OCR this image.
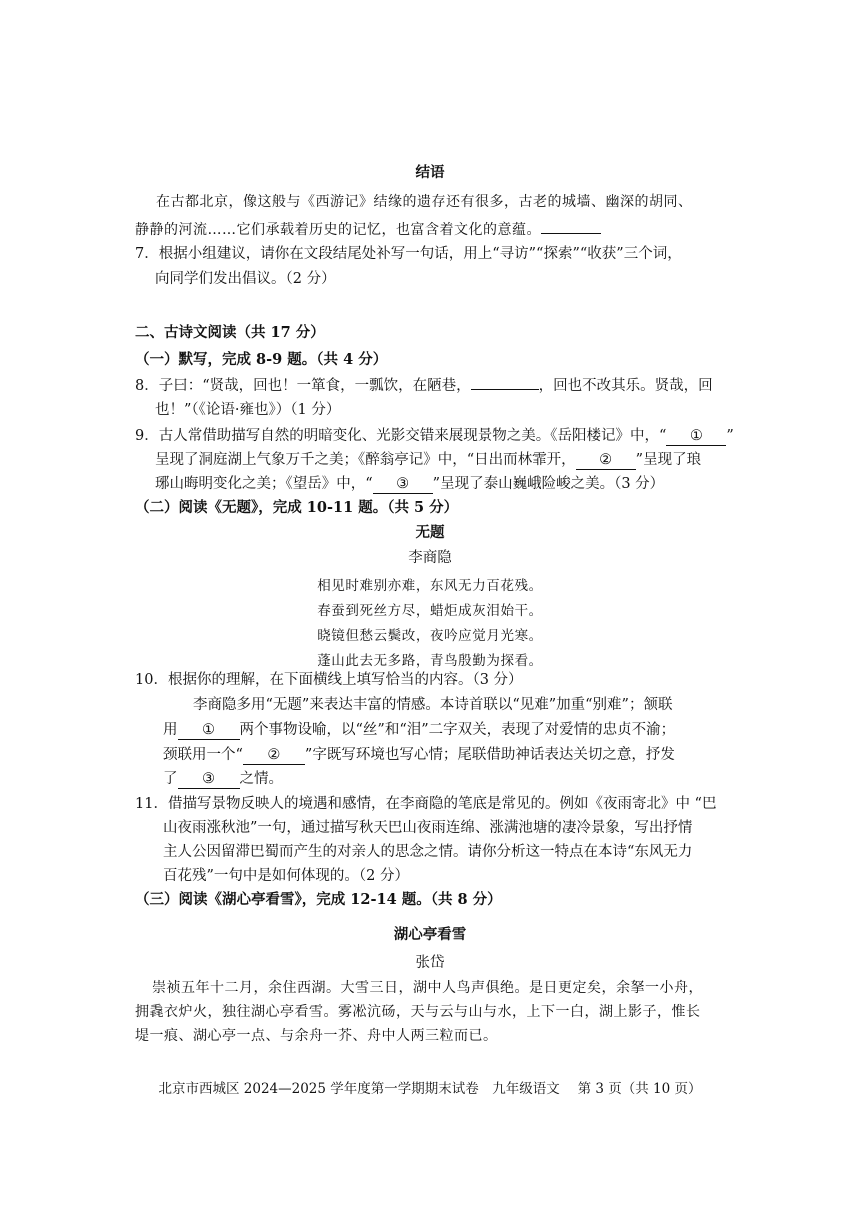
结语
在古都北京，像这般与《西游记》结缘的遗存还有很多，古老的城墙、幽深的胡同、
静静的河流……它们承载着历史的记忆，也富含着文化的意蕴。
7．根据小组建议，请你在文段结尾处补写一句话，用上“寻访”“探索”“收获”三个词，
向同学们发出倡议。（2 分）
二、古诗文阅读（共 17 分）
（一）默写，完成 8-9 题。（共 4 分）
8．子曰：“贤哉，回也！一箪食，一瓢饮，在陋巷，	，回也不改其乐。贤哉，回
也！”（《论语·雍也》）（1 分）
9．古人常借助描写自然的明暗变化、光影交错来展现景物之美。《岳阳楼记》中，“ ① ”
呈现了洞庭湖上气象万千之美；《醉翁亭记》中，“日出而林霏开， ② ”呈现了琅
琊山晦明变化之美；《望岳》中，“ ③ ”呈现了泰山巍峨险峻之美。（3 分）
（二）阅读《无题》，完成 10-11 题。（共 5 分）
无题
李商隐
相见时难别亦难，东风无力百花残。
春蚕到死丝方尽，蜡炬成灰泪始干。
晓镜但愁云鬓改，夜吟应觉月光寒。
蓬山此去无多路，青鸟殷勤为探看。
10．根据你的理解，在下面横线上填写恰当的内容。（3 分）
李商隐多用“无题”来表达丰富的情感。本诗首联以“见难”加重“别难”；颔联
用 ① 两个事物设喻，以“丝”和“泪”二字双关，表现了对爱情的忠贞不渝；
颈联用一个“ ② ”字既写环境也写心情；尾联借助神话表达关切之意，抒发
了 ③ 之情。
11．借描写景物反映人的境遇和感情，在李商隐的笔底是常见的。例如《夜雨寄北》中 “巴
山夜雨涨秋池”一句，通过描写秋天巴山夜雨连绵、涨满池塘的凄冷景象，写出抒情
主人公因留滞巴蜀而产生的对亲人的思念之情。请你分析这一特点在本诗“东风无力
百花残”一句中是如何体现的。（2 分）
（三）阅读《湖心亭看雪》，完成 12-14 题。（共 8 分）
湖心亭看雪
张岱
崇祯五年十二月，余住西湖。大雪三日，湖中人鸟声俱绝。是日更定矣，余拏一小舟，
拥毳衣炉火，独往湖心亭看雪。雾凇沆砀，天与云与山与水，上下一白，湖上影子，惟长
堤一痕、湖心亭一点、与余舟一芥、舟中人两三粒而已。
北京市西城区 2024—2025 学年度第一学期期末试卷　九年级语文　 第 3 页（共 10 页）
